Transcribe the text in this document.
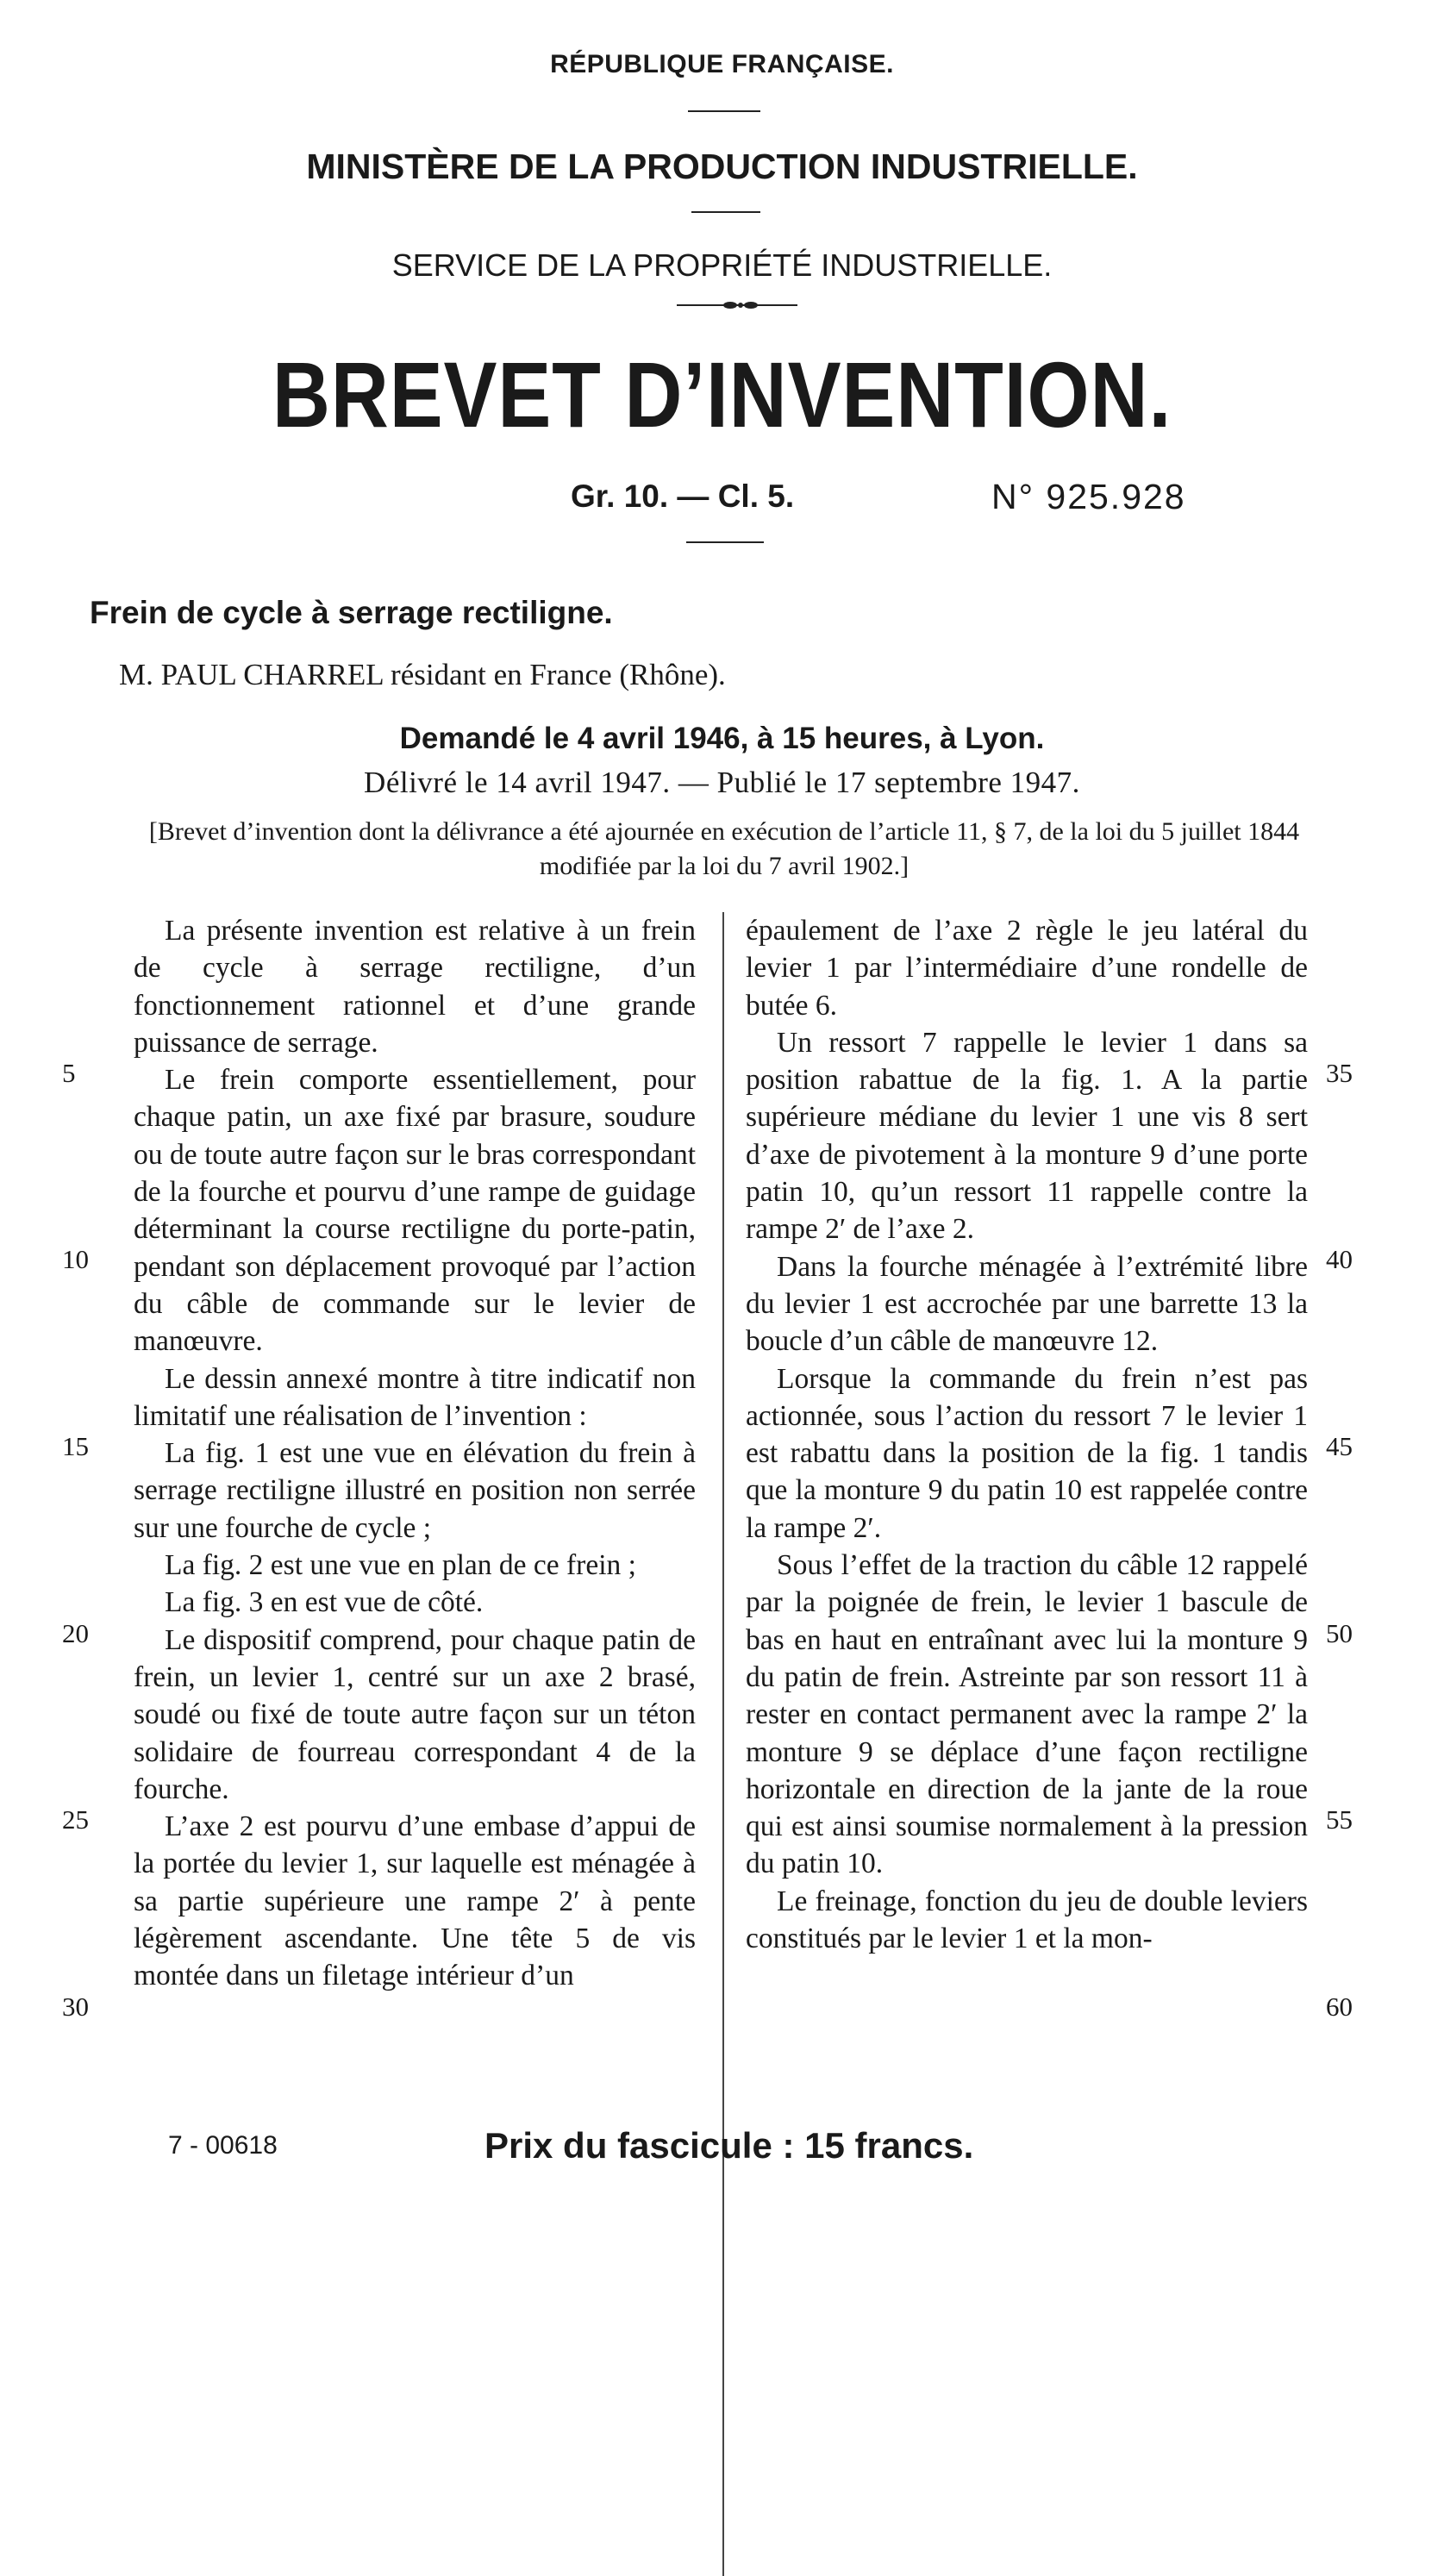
RÉPUBLIQUE FRANÇAISE.
MINISTÈRE DE LA PRODUCTION INDUSTRIELLE.
SERVICE DE LA PROPRIÉTÉ INDUSTRIELLE.
BREVET D’INVENTION.
Gr. 10. — Cl. 5.	N° 925.928
Frein de cycle à serrage rectiligne.
M. PAUL CHARREL résidant en France (Rhône).
Demandé le 4 avril 1946, à 15 heures, à Lyon.
Délivré le 14 avril 1947. — Publié le 17 septembre 1947.
[Brevet d’invention dont la délivrance a été ajournée en exécution de l’article 11, § 7, de la loi du 5 juillet 1844 modifiée par la loi du 7 avril 1902.]

La présente invention est relative à un frein de cycle à serrage rectiligne, d’un fonctionnement rationnel et d’une grande puissance de serrage.

Le frein comporte essentiellement, pour chaque patin, un axe fixé par brasure, soudure ou de toute autre façon sur le bras correspondant de la fourche et pourvu d’une rampe de guidage déterminant la course rectiligne du porte-patin, pendant son déplacement provoqué par l’action du câble de commande sur le levier de manœuvre.

Le dessin annexé montre à titre indicatif non limitatif une réalisation de l’invention :

La fig. 1 est une vue en élévation du frein à serrage rectiligne illustré en position non serrée sur une fourche de cycle ;

La fig. 2 est une vue en plan de ce frein ;

La fig. 3 en est vue de côté.

Le dispositif comprend, pour chaque patin de frein, un levier 1, centré sur un axe 2 brasé, soudé ou fixé de toute autre façon sur un téton solidaire de fourreau correspondant 4 de la fourche.

L’axe 2 est pourvu d’une embase d’appui de la portée du levier 1, sur laquelle est ménagée à sa partie supérieure une rampe 2′ à pente légèrement ascendante. Une tête 5 de vis montée dans un filetage intérieur d’un

épaulement de l’axe 2 règle le jeu latéral du levier 1 par l’intermédiaire d’une rondelle de butée 6.

Un ressort 7 rappelle le levier 1 dans sa position rabattue de la fig. 1. A la partie supérieure médiane du levier 1 une vis 8 sert d’axe de pivotement à la monture 9 d’une porte patin 10, qu’un ressort 11 rappelle contre la rampe 2′ de l’axe 2.

Dans la fourche ménagée à l’extrémité libre du levier 1 est accrochée par une barrette 13 la boucle d’un câble de manœuvre 12.

Lorsque la commande du frein n’est pas actionnée, sous l’action du ressort 7 le levier 1 est rabattu dans la position de la fig. 1 tandis que la monture 9 du patin 10 est rappelée contre la rampe 2′.

Sous l’effet de la traction du câble 12 rappelé par la poignée de frein, le levier 1 bascule de bas en haut en entraînant avec lui la monture 9 du patin de frein. Astreinte par son ressort 11 à rester en contact permanent avec la rampe 2′ la monture 9 se déplace d’une façon rectiligne horizontale en direction de la jante de la roue qui est ainsi soumise normalement à la pression du patin 10.

Le freinage, fonction du jeu de double leviers constitués par le levier 1 et la mon-

5
10
15
20
25
30
35
40
45
50
55
60
7 - 00618	Prix du fascicule : 15 francs.
